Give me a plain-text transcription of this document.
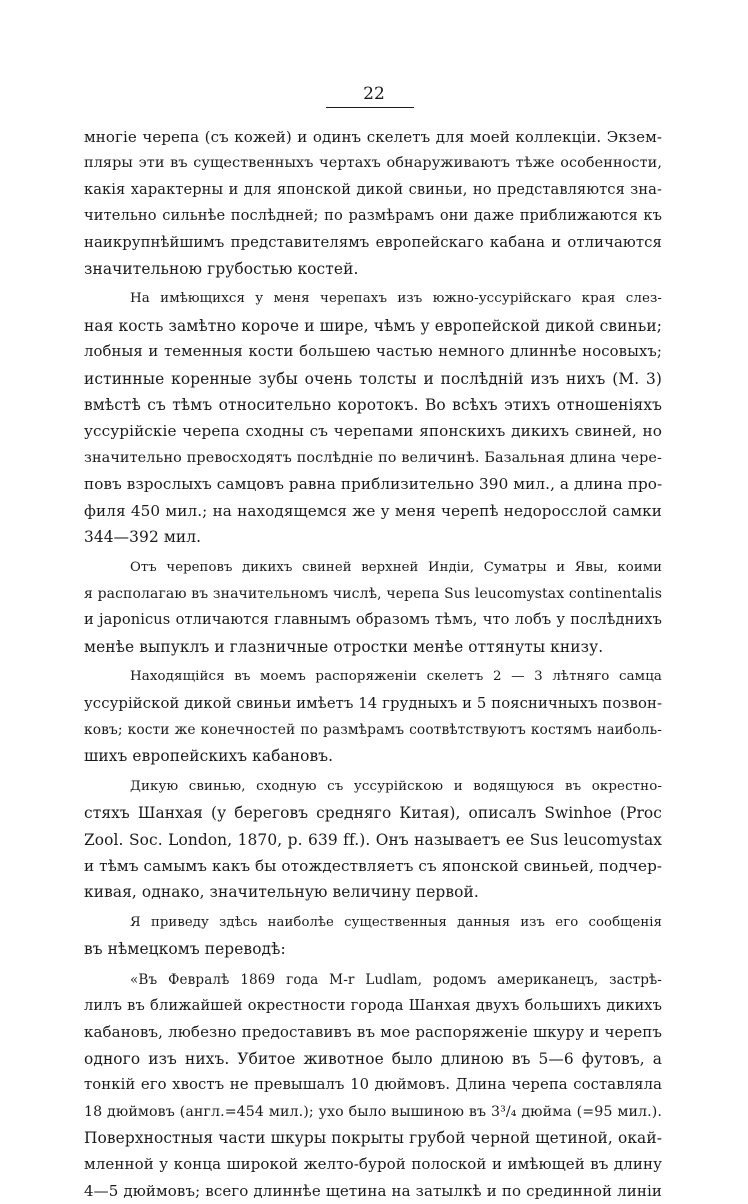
22

многіе черепа (съ кожей) и одинъ скелетъ для моей коллекціи. Экзем-
пляры эти въ существенныхъ чертахъ обнаруживаютъ тѣже особенности,
какія характерны и для японской дикой свиньи, но представляются зна-
чительно сильнѣе послѣдней; по размѣрамъ они даже приближаются къ
наикрупнѣйшимъ представителямъ европейскаго кабана и отличаются
значительною грубостью костей.

На имѣющихся у меня черепахъ изъ южно-уссурійскаго края слез-
ная кость замѣтно короче и шире, чѣмъ у европейской дикой свиньи;
лобныя и теменныя кости большею частью немного длиннѣе носовыхъ;
истинные коренные зубы очень толсты и послѣдній изъ нихъ (M. 3)
вмѣстѣ съ тѣмъ относительно коротокъ. Во всѣхъ этихъ отношеніяхъ
уссурійскіе черепа сходны съ черепами японскихъ дикихъ свиней, но
значительно превосходятъ послѣдніе по величинѣ. Базальная длина чере-
повъ взрослыхъ самцовъ равна приблизительно 390 мил., а длина про-
филя 450 мил.; на находящемся же у меня черепѣ недоросслой самки
344—392 мил.

Отъ череповъ дикихъ свиней верхней Индіи, Суматры и Явы, коими
я располагаю въ значительномъ числѣ, черепа Sus leucomystax continentalis
и japonicus отличаются главнымъ образомъ тѣмъ, что лобъ у послѣднихъ
менѣе выпуклъ и глазничные отростки менѣе оттянуты книзу.

Находящійся въ моемъ распоряженіи скелетъ 2 — 3 лѣтняго самца
уссурійской дикой свиньи имѣетъ 14 грудныхъ и 5 поясничныхъ позвон-
ковъ; кости же конечностей по размѣрамъ соотвѣтствуютъ костямъ наиболь-
шихъ европейскихъ кабановъ.

Дикую свинью, сходную съ уссурійскою и водящуюся въ окрестно-
стяхъ Шанхая (у береговъ средняго Китая), описалъ Swinhoe (Proc
Zool. Soc. London, 1870, p. 639 ff.). Онъ называетъ ее Sus leucomystax
и тѣмъ самымъ какъ бы отождествляетъ съ японской свиньей, подчер-
кивая, однако, значительную величину первой.

Я приведу здѣсь наиболѣе существенныя данныя изъ его сообщенія
въ нѣмецкомъ переводѣ:

«Въ Февралѣ 1869 года M-r Ludlam, родомъ американецъ, застрѣ-
лилъ въ ближайшей окрестности города Шанхая двухъ большихъ дикихъ
кабановъ, любезно предоставивъ въ мое распоряженіе шкуру и черепъ
одного изъ нихъ. Убитое животное было длиною въ 5—6 футовъ, а
тонкій его хвостъ не превышалъ 10 дюймовъ. Длина черепа составляла
18 дюймовъ (англ.=454 мил.); ухо было вышиною въ 3³/₄ дюйма (=95 мил.).
Поверхностныя части шкуры покрыты грубой черной щетиной, окай-
мленной у конца широкой желто-бурой полоской и имѣющей въ длину
4—5 дюймовъ; всего длиннѣе щетина на затылкѣ и по срединной линіи
